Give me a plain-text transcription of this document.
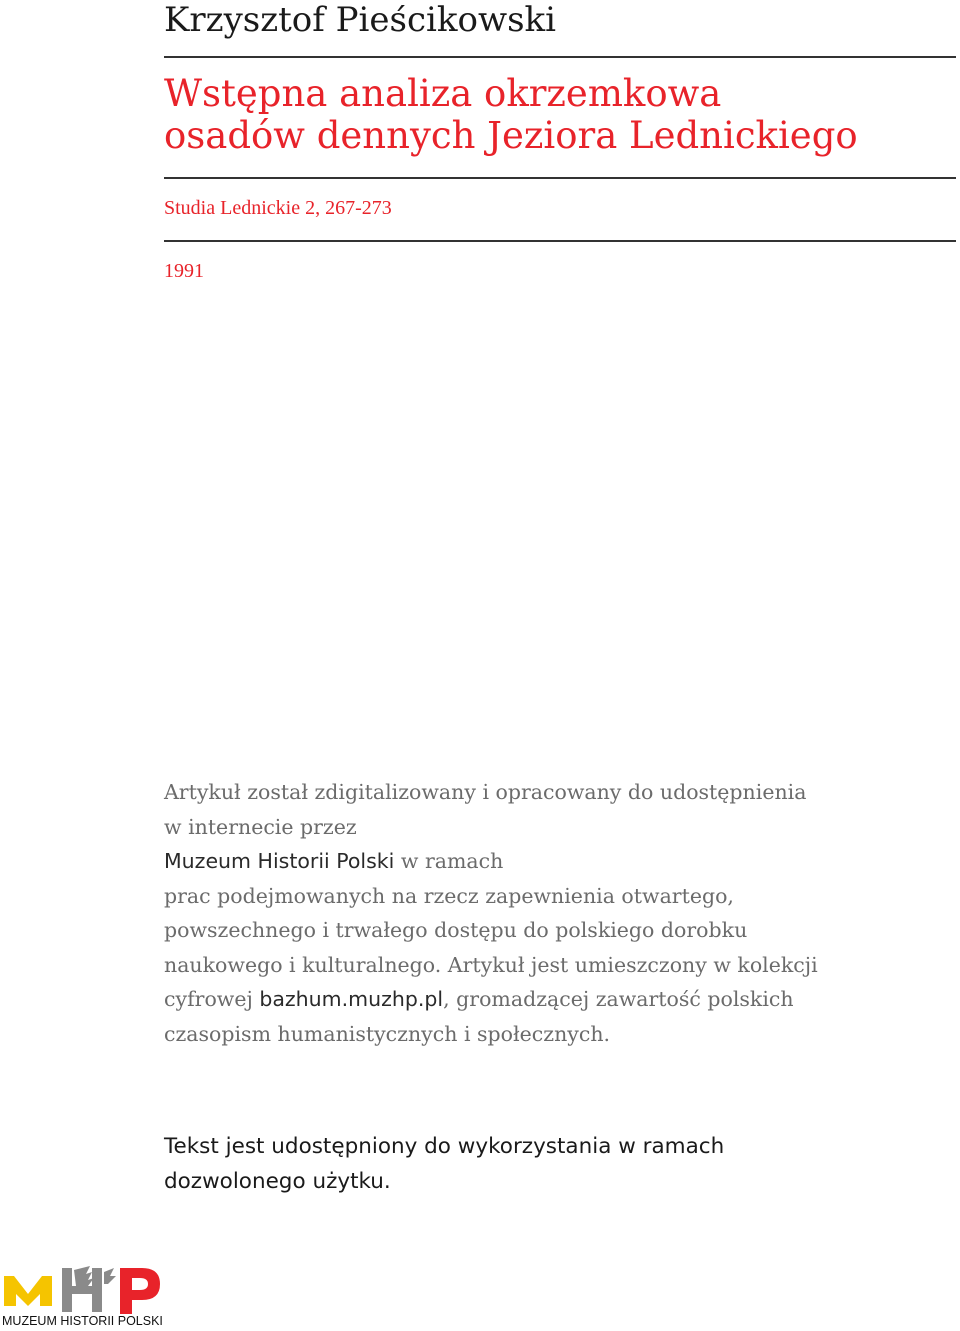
Krzysztof Pieścikowski
Wstępna analiza okrzemkowa
osadów dennych Jeziora Lednickiego
Studia Lednickie 2, 267-273
1991

Artykuł został zdigitalizowany i opracowany do udostępnienia
w internecie przez
Muzeum Historii Polski w ramach
prac podejmowanych na rzecz zapewnienia otwartego,
powszechnego i trwałego dostępu do polskiego dorobku
naukowego i kulturalnego. Artykuł jest umieszczony w kolekcji
cyfrowej bazhum.muzhp.pl, gromadzącej zawartość polskich
czasopism humanistycznych i społecznych.

Tekst jest udostępniony do wykorzystania w ramach
dozwolonego użytku.

MUZEUM HISTORII POLSKI
